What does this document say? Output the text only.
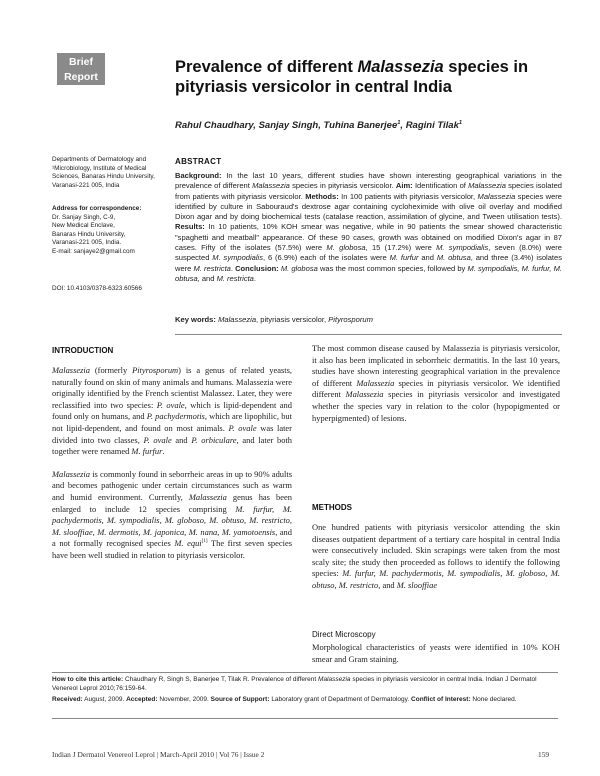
Brief
Report
Prevalence of different Malassezia species in pityriasis versicolor in central India
Rahul Chaudhary, Sanjay Singh, Tuhina Banerjee$^1$, Ragini Tilak$^1$
Departments of Dermatology and ¹Microbiology, Institute of Medical Sciences, Banaras Hindu University, Varanasi-221 005, India
Address for correspondence:
Dr. Sanjay Singh, C-9,
New Medical Enclave,
Banaras Hindu University,
Varanasi-221 005, India.
E-mail: sanjaye2@gmail.com
DOI: 10.4103/0378-6323.60566
ABSTRACT
Background: In the last 10 years, different studies have shown interesting geographical variations in the prevalence of different Malassezia species in pityriasis versicolor. Aim: Identification of Malassezia species isolated from patients with pityriasis versicolor. Methods: In 100 patients with pityriasis versicolor, Malassezia species were identified by culture in Sabouraud's dextrose agar containing cycloheximide with olive oil overlay and modified Dixon agar and by doing biochemical tests (catalase reaction, assimilation of glycine, and Tween utilisation tests). Results: In 10 patients, 10% KOH smear was negative, while in 90 patients the smear showed characteristic "spaghetti and meatball" appearance. Of these 90 cases, growth was obtained on modified Dixon's agar in 87 cases. Fifty of the isolates (57.5%) were M. globosa, 15 (17.2%) were M. sympodialis, seven (8.0%) were suspected M. sympodialis, 6 (6.9%) each of the isolates were M. furfur and M. obtusa, and three (3.4%) isolates were M. restricta. Conclusion: M. globosa was the most common species, followed by M. sympodialis, M. furfur, M. obtusa, and M. restricta.
Key words: Malassezia, pityriasis versicolor, Pityrosporum
INTRODUCTION

Malassezia (formerly Pityrosporum) is a genus of related yeasts, naturally found on skin of many animals and humans. Malassezia were originally identified by the French scientist Malassez. Later, they were reclassified into two species: P. ovale, which is lipid-dependent and found only on humans, and P. pachydermotis, which are lipophilic, but not lipid-dependent, and found on most animals. P. ovale was later divided into two classes, P. ovale and P. orbiculare, and later both together were renamed M. furfur.

Malassezia is commonly found in seborrheic areas in up to 90% adults and becomes pathogenic under certain circumstances such as warm and humid environment. Currently, Malassezia genus has been enlarged to include 12 species comprising M. furfur, M. pachydermotis, M. sympodialis, M. globoso, M. obtuso, M. restricto, M. slooffiae, M. dermotis, M. japonica, M. nana, M. yamotoensis, and a not formally recognised species M. equi[1] The first seven species have been well studied in relation to pityriasis versicolor.

The most common disease caused by Malassezia is pityriasis versicolor, it also has been implicated in seborrheic dermatitis. In the last 10 years, studies have shown interesting geographical variation in the prevalence of different Malassezia species in pityriasis versicolor. We identified different Malassezia species in pityriasis versicolor and investigated whether the species vary in relation to the color (hypopigmented or hyperpigmented) of lesions.

METHODS

One hundred patients with pityriasis versicolor attending the skin diseases outpatient department of a tertiary care hospital in central India were consecutively included. Skin scrapings were taken from the most scaly site; the study then proceeded as follows to identify the following species: M. furfur, M. pachydermotis, M. sympodialis, M. globoso, M. obtuso, M. restricto, and M. slooffiae

Direct Microscopy

Morphological characteristics of yeasts were identified in 10% KOH smear and Gram staining.

How to cite this article: Chaudhary R, Singh S, Banerjee T, Tilak R. Prevalence of different Malassezia species in pityriasis versicolor in central India. Indian J Dermatol Venereol Leprol 2010;76:159-64.

Received: August, 2009. Accepted: November, 2009. Source of Support: Laboratory grant of Department of Dermatology. Conflict of Interest: None declared.

Indian J Dermatol Venereol Leprol | March-April 2010 | Vol 76 | Issue 2	159
